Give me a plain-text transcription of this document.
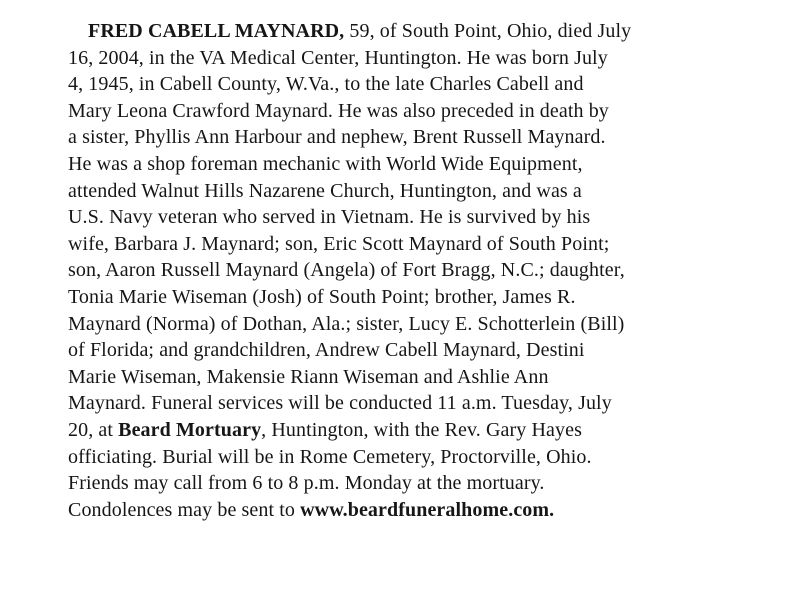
FRED CABELL MAYNARD, 59, of South Point, Ohio, died July
16, 2004, in the VA Medical Center, Huntington. He was born July
4, 1945, in Cabell County, W.Va., to the late Charles Cabell and
Mary Leona Crawford Maynard. He was also preceded in death by
a sister, Phyllis Ann Harbour and nephew, Brent Russell Maynard.
He was a shop foreman mechanic with World Wide Equipment,
attended Walnut Hills Nazarene Church, Huntington, and was a
U.S. Navy veteran who served in Vietnam. He is survived by his
wife, Barbara J. Maynard; son, Eric Scott Maynard of South Point;
son, Aaron Russell Maynard (Angela) of Fort Bragg, N.C.; daughter,
Tonia Marie Wiseman (Josh) of South Point; brother, James R.
Maynard (Norma) of Dothan, Ala.; sister, Lucy E. Schotterlein (Bill)
of Florida; and grandchildren, Andrew Cabell Maynard, Destini
Marie Wiseman, Makensie Riann Wiseman and Ashlie Ann
Maynard. Funeral services will be conducted 11 a.m. Tuesday, July
20, at Beard Mortuary, Huntington, with the Rev. Gary Hayes
officiating. Burial will be in Rome Cemetery, Proctorville, Ohio.
Friends may call from 6 to 8 p.m. Monday at the mortuary.
Condolences may be sent to www.beardfuneralhome.com.
